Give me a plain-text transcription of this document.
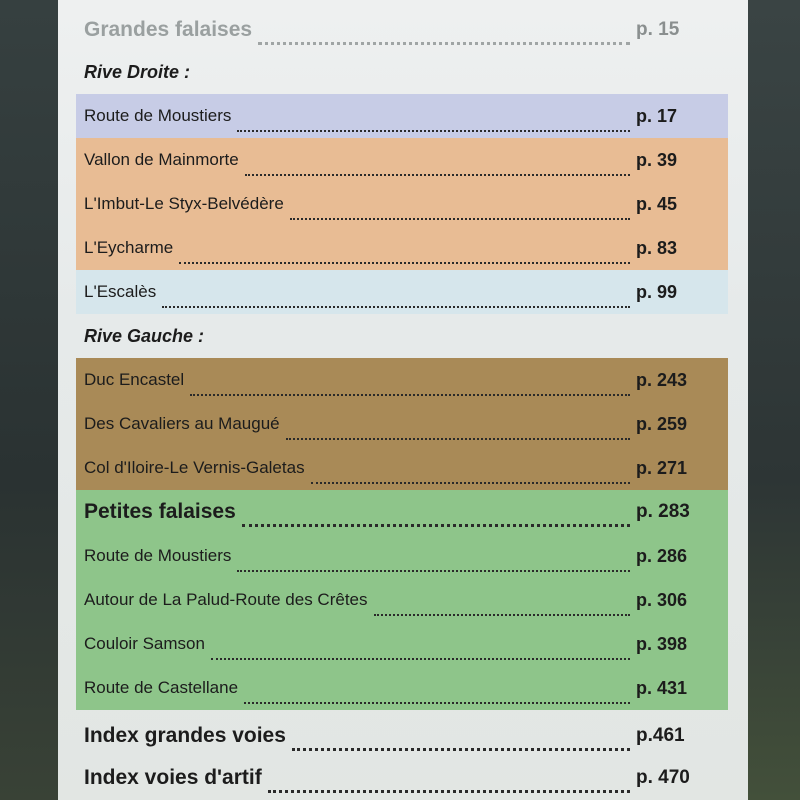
Grandes falaises	p. 15
Rive Droite :
Route de Moustiers	p. 17
Vallon de Mainmorte	p. 39
L'Imbut-Le Styx-Belvédère	p. 45
L'Eycharme	p. 83
L'Escalès	p. 99
Rive Gauche :
Duc Encastel	p. 243
Des Cavaliers au Maugué	p. 259
Col d'Iloire-Le Vernis-Galetas	p. 271
Petites falaises	p. 283
Route de Moustiers	p. 286
Autour de La Palud-Route des Crêtes	p. 306
Couloir Samson	p. 398
Route de Castellane	p. 431
Index grandes voies	p.461
Index voies d'artif	p. 470
